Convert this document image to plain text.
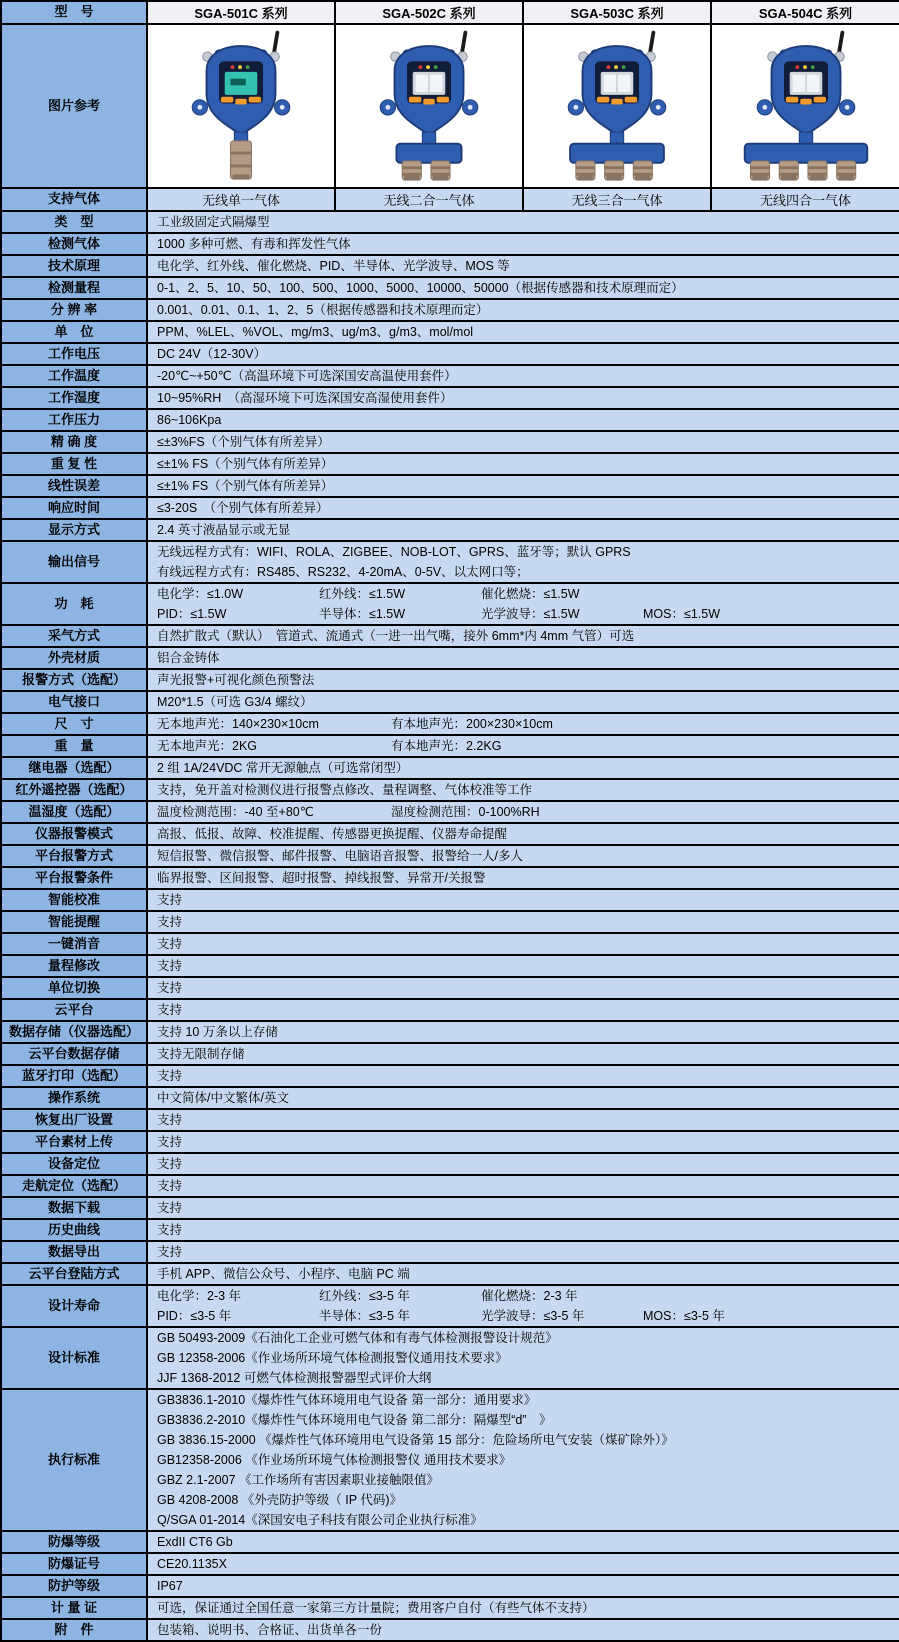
型　号	SGA-501C 系列	SGA-502C 系列	SGA-503C 系列	SGA-504C 系列
图片参考	

支持气体	无线单一气体	无线二合一气体	无线三合一气体	无线四合一气体
类　型	工业级固定式隔爆型			

检测气体	1000 多种可燃、有毒和挥发性气体			

技术原理	电化学、红外线、催化燃烧、PID、半导体、光学波导、MOS 等			

检测量程	0-1、2、5、10、50、100、500、1000、5000、10000、50000（根据传感器和技术原理而定）			

分 辨 率	0.001、0.01、0.1、1、2、5（根据传感器和技术原理而定）			

单　位	PPM、%LEL、%VOL、mg/m3、ug/m3、g/m3、mol/mol			

工作电压	DC 24V（12-30V）			

工作温度	-20℃~+50℃（高温环境下可选深国安高温使用套件）			

工作湿度	10~95%RH　（高湿环境下可选深国安高湿使用套件）			

工作压力	86~106Kpa			

精 确 度	≤±3%FS（个别气体有所差异）			

重 复 性	≤±1% FS（个别气体有所差异）			

线性误差	≤±1% FS（个别气体有所差异）			

响应时间	≤3-20S　（个别气体有所差异）			

显示方式	2.4 英寸液晶显示或无显			

输出信号	无线远程方式有：WIFI、ROLA、ZIGBEE、NOB-LOT、GPRS、蓝牙等；默认 GPRS
有线远程方式有：RS485、RS232、4-20mA、0-5V、以太网口等；			

功　耗	电化学：≤1.0W 红外线：≤1.5W 催化燃烧：≤1.5W
PID：≤1.5W 半导体：≤1.5W 光学波导：≤1.5W MOS：≤1.5W			

采气方式	自然扩散式（默认）　管道式、流通式（一进一出气嘴，接外 6mm*内 4mm 气管）可选			

外壳材质	铝合金铸体			

报警方式（选配）	声光报警+可视化颜色预警法			

电气接口	M20*1.5（可选 G3/4 螺纹）			

尺　寸	无本地声光：140×230×10cm 有本地声光：200×230×10cm			

重　量	无本地声光：2KG 有本地声光：2.2KG			

继电器（选配）	2 组 1A/24VDC 常开无源触点（可选常闭型）			

红外遥控器（选配）	支持，免开盖对检测仪进行报警点修改、量程调整、气体校准等工作			

温湿度（选配）	温度检测范围：-40 至+80℃ 湿度检测范围：0-100%RH			

仪器报警模式	高报、低报、故障、校准提醒、传感器更换提醒、仪器寿命提醒			

平台报警方式	短信报警、微信报警、邮件报警、电脑语音报警、报警给一人/多人			

平台报警条件	临界报警、区间报警、超时报警、掉线报警、异常开/关报警			

智能校准	支持			

智能提醒	支持			

一键消音	支持			

量程修改	支持			

单位切换	支持			

云平台	支持			

数据存储（仪器选配）	支持 10 万条以上存储			

云平台数据存储	支持无限制存储			

蓝牙打印（选配）	支持			

操作系统	中文简体/中文繁体/英文			

恢复出厂设置	支持			

平台素材上传	支持			

设备定位	支持			

走航定位（选配）	支持			

数据下载	支持			

历史曲线	支持			

数据导出	支持			

云平台登陆方式	手机 APP、微信公众号、小程序、电脑 PC 端			

设计寿命	电化学：2-3 年 红外线：≤3-5 年 催化燃烧：2-3 年
PID：≤3-5 年 半导体：≤3-5 年 光学波导：≤3-5 年 MOS：≤3-5 年			

设计标准	GB 50493-2009《石油化工企业可燃气体和有毒气体检测报警设计规范》
GB 12358-2006《作业场所环境气体检测报警仪通用技术要求》
JJF 1368-2012 可燃气体检测报警器型式评价大纲			

执行标准	
GB3836.1-2010《爆炸性气体环境用电气设备 第一部分：通用要求》
GB3836.2-2010《爆炸性气体环境用电气设备 第二部分：隔爆型“d”　》
GB 3836.15-2000 《爆炸性气体环境用电气设备第 15 部分：危险场所电气安装（煤矿除外）》
GB12358-2006 《作业场所环境气体检测报警仪 通用技术要求》
GBZ 2.1-2007 《工作场所有害因素职业接触限值》
GB 4208-2008 《外壳防护等级（ IP 代码)》
Q/SGA 01-2014《深国安电子科技有限公司企业执行标准》

防爆等级	ExdII CT6 Gb			

防爆证号	CE20.1135X			

防护等级	IP67			

计 量 证	可选，保证通过全国任意一家第三方计量院；费用客户自付（有些气体不支持）			

附　件	包装箱、说明书、合格证、出货单各一份			
